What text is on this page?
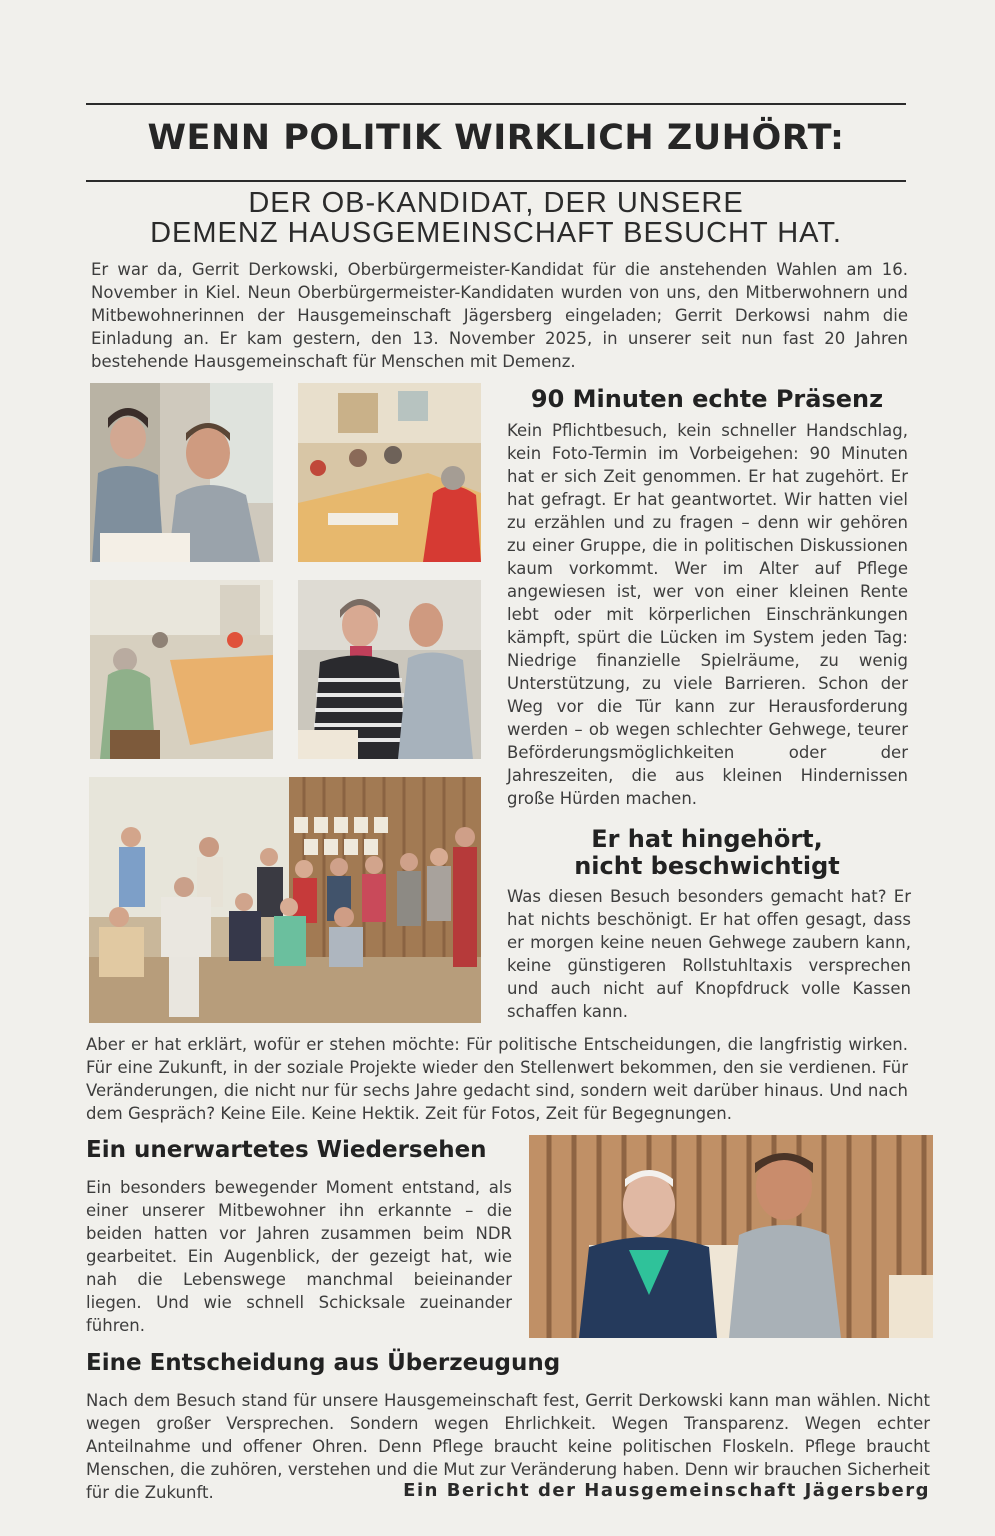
WENN POLITIK WIRKLICH ZUHÖRT:
DER OB-KANDIDAT, DER UNSERE
DEMENZ HAUSGEMEINSCHAFT BESUCHT HAT.
Er war da, Gerrit Derkowski, Oberbürgermeister-Kandidat für die anstehenden Wahlen am 16. November in Kiel. Neun Oberbürgermeister-Kandidaten wurden von uns, den Mitberwohnern und Mitbewohnerinnen der Hausgemeinschaft Jägersberg eingeladen; Gerrit Derkowsi nahm die Einladung an. Er kam gestern, den 13. November 2025, in unserer seit nun fast 20 Jahren bestehende Hausgemeinschaft für Menschen mit Demenz.
90 Minuten echte Präsenz
Kein Pflichtbesuch, kein schneller Handschlag, kein Foto-Termin im Vorbeigehen: 90 Minuten hat er sich Zeit genommen. Er hat zugehört. Er hat gefragt. Er hat geantwortet. Wir hatten viel zu erzählen und zu fragen – denn wir gehören zu einer Gruppe, die in politischen Diskussionen kaum vorkommt. Wer im Alter auf Pflege angewiesen ist, wer von einer kleinen Rente lebt oder mit körperlichen Einschränkungen kämpft, spürt die Lücken im System jeden Tag: Niedrige finanzielle Spielräume, zu wenig Unterstützung, zu viele Barrieren. Schon der Weg vor die Tür kann zur Herausforderung werden – ob wegen schlechter Gehwege, teurer Beförderungsmöglichkeiten oder der Jahreszeiten, die aus kleinen Hindernissen große Hürden machen.
Er hat hingehört,
nicht beschwichtigt
Was diesen Besuch besonders gemacht hat? Er hat nichts beschönigt. Er hat offen gesagt, dass er morgen keine neuen Gehwege zaubern kann, keine günstigeren Rollstuhltaxis versprechen und auch nicht auf Knopfdruck volle Kassen schaffen kann.
Aber er hat erklärt, wofür er stehen möchte: Für politische Entscheidungen, die langfristig wirken. Für eine Zukunft, in der soziale Projekte wieder den Stellenwert bekommen, den sie verdienen. Für Veränderungen, die nicht nur für sechs Jahre gedacht sind, sondern weit darüber hinaus. Und nach dem Gespräch? Keine Eile. Keine Hektik. Zeit für Fotos, Zeit für Begegnungen.
Ein unerwartetes Wiedersehen
Ein besonders bewegender Moment entstand, als einer unserer Mitbewohner ihn erkannte – die beiden hatten vor Jahren zusammen beim NDR gearbeitet. Ein Augenblick, der gezeigt hat, wie nah die Lebenswege manchmal beieinander liegen. Und wie schnell Schicksale zueinander führen.
Eine Entscheidung aus Überzeugung
Nach dem Besuch stand für unsere Hausgemeinschaft fest, Gerrit Derkowski kann man wählen. Nicht wegen großer Versprechen. Sondern wegen Ehrlichkeit. Wegen Transparenz. Wegen echter Anteilnahme und offener Ohren. Denn Pflege braucht keine politischen Floskeln. Pflege braucht Menschen, die zuhören, verstehen und die Mut zur Veränderung haben. Denn wir brauchen Sicherheit für die Zukunft.	Ein Bericht der Hausgemeinschaft Jägersberg
